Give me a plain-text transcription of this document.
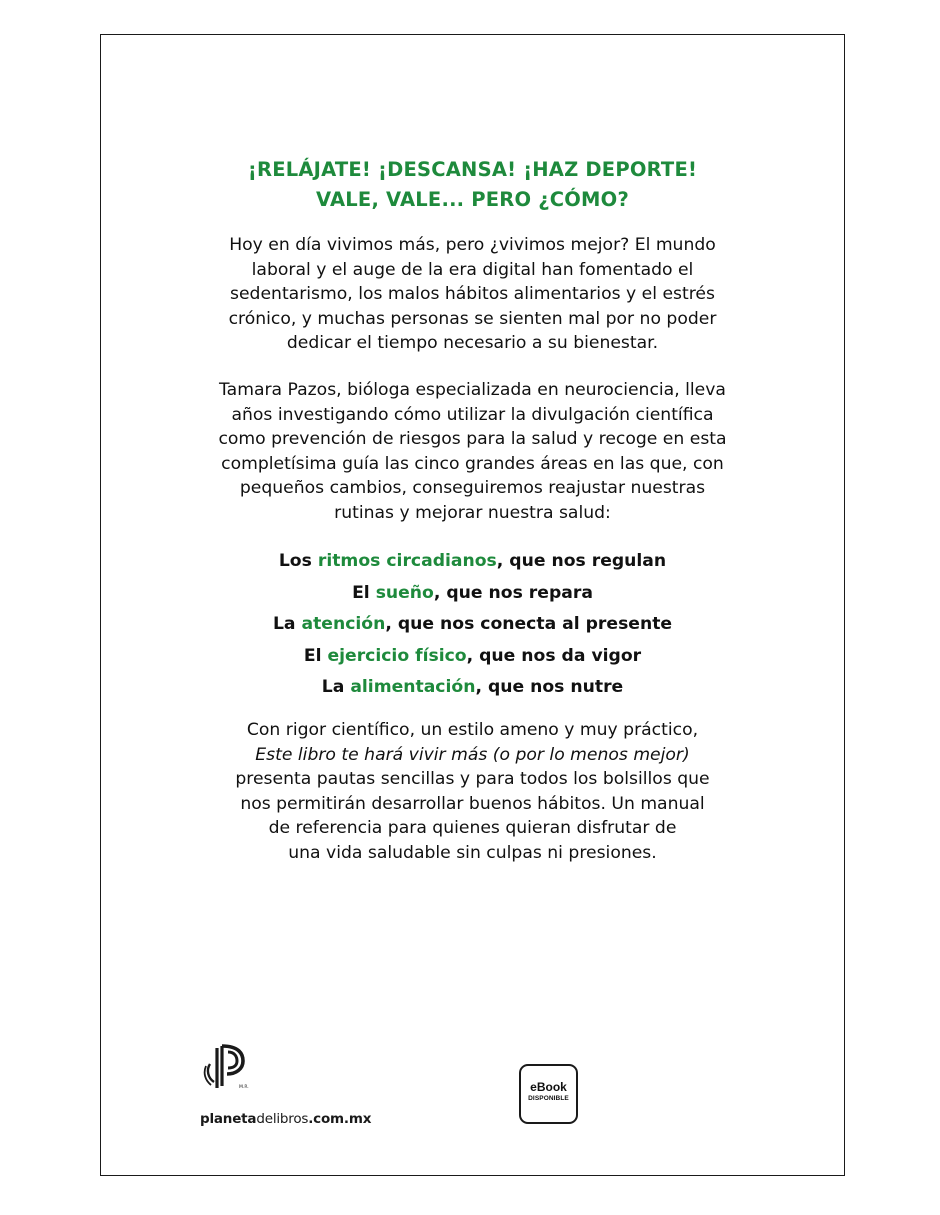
¡RELÁJATE! ¡DESCANSA! ¡HAZ DEPORTE!
VALE, VALE... PERO ¿CÓMO?
Hoy en día vivimos más, pero ¿vivimos mejor? El mundo
laboral y el auge de la era digital han fomentado el
sedentarismo, los malos hábitos alimentarios y el estrés
crónico, y muchas personas se sienten mal por no poder
dedicar el tiempo necesario a su bienestar.
Tamara Pazos, bióloga especializada en neurociencia, lleva
años investigando cómo utilizar la divulgación científica
como prevención de riesgos para la salud y recoge en esta
completísima guía las cinco grandes áreas en las que, con
pequeños cambios, conseguiremos reajustar nuestras
rutinas y mejorar nuestra salud:
Los ritmos circadianos, que nos regulan
El sueño, que nos repara
La atención, que nos conecta al presente
El ejercicio físico, que nos da vigor
La alimentación, que nos nutre
Con rigor científico, un estilo ameno y muy práctico,
Este libro te hará vivir más (o por lo menos mejor)
presenta pautas sencillas y para todos los bolsillos que
nos permitirán desarrollar buenos hábitos. Un manual
de referencia para quienes quieran disfrutar de
una vida saludable sin culpas ni presiones.
M.R.
planetadelibros.com.mx
eBook
DISPONIBLE
